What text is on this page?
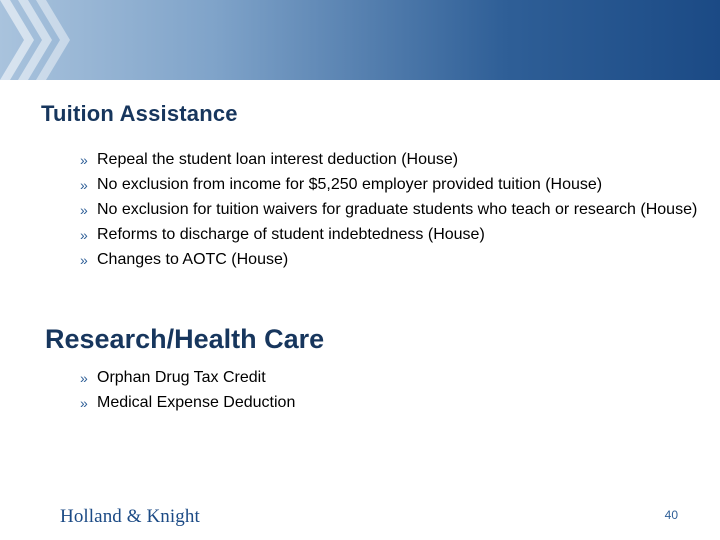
Tuition Assistance
» Repeal the student loan interest deduction (House)
» No exclusion from income for $5,250 employer provided tuition (House)
» No exclusion for tuition waivers for graduate students who teach or research (House)
» Reforms to discharge of student indebtedness (House)
» Changes to AOTC (House)
Research/Health Care
» Orphan Drug Tax Credit
» Medical Expense Deduction
Holland & Knight	40
